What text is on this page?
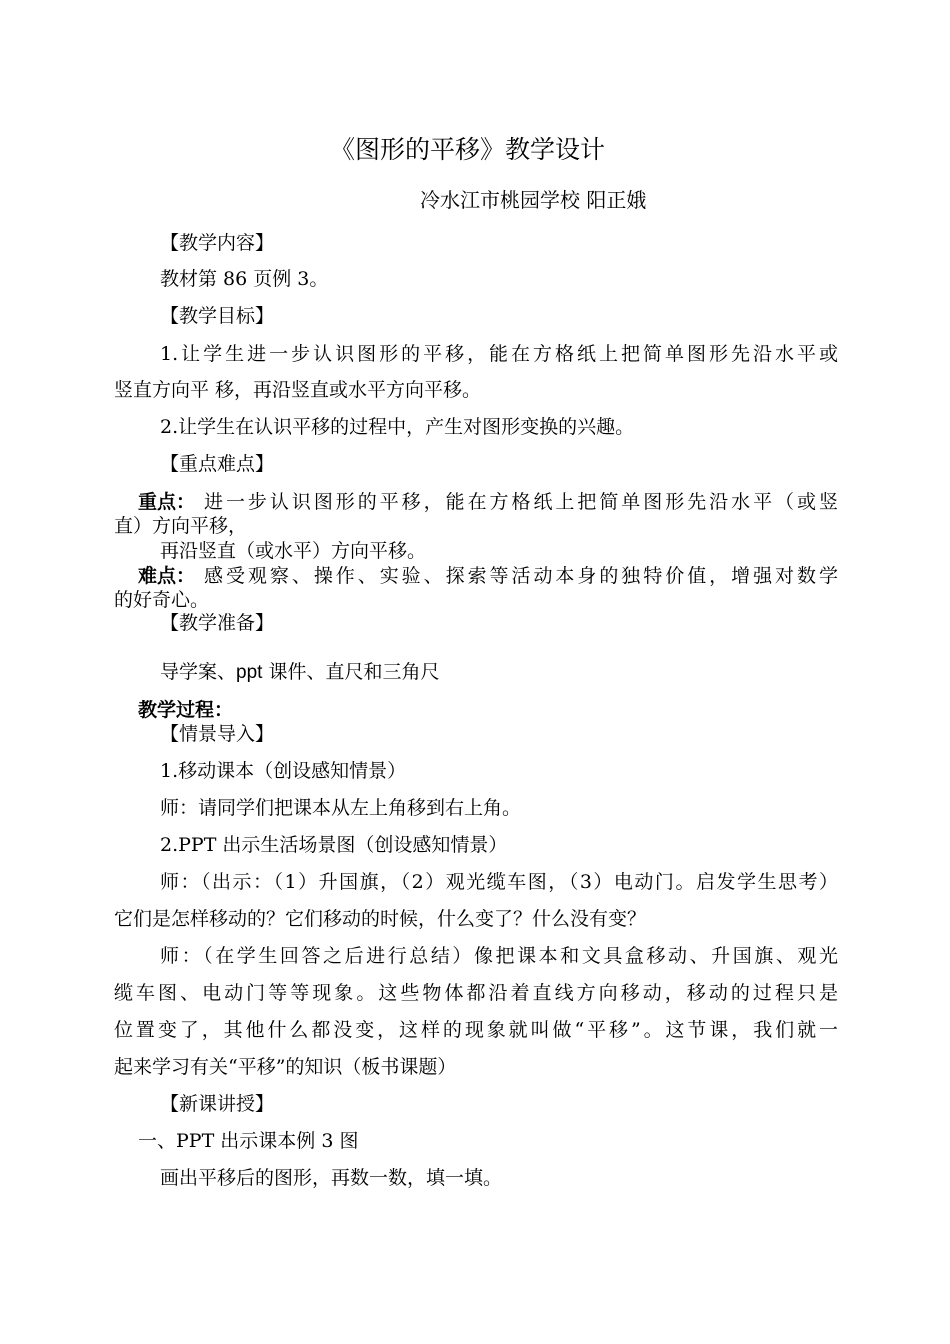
《图形的平移》教学设计
冷水江市桃园学校 阳正娥
【教学内容】
教材第 86 页例 3。
【教学目标】
1.让学生进一步认识图形的平移，能在方格纸上把简单图形先沿水平或
竖直方向平 移，再沿竖直或水平方向平移。
2.让学生在认识平移的过程中，产生对图形变换的兴趣。
【重点难点】
重点： 进一步认识图形的平移，能在方格纸上把简单图形先沿水平（或竖
直）方向平移，
再沿竖直（或水平）方向平移。
难点： 感受观察、操作、实验、探索等活动本身的独特价值，增强对数学
的好奇心。
【教学准备】
导学案、ppt 课件、直尺和三角尺
教学过程：
【情景导入】
1.移动课本（创设感知情景）
师：请同学们把课本从左上角移到右上角。
2.PPT 出示生活场景图（创设感知情景）
师：（出示：（1）升国旗，（2）观光缆车图，（3）电动门。启发学生思考）
它们是怎样移动的？它们移动的时候，什么变了？什么没有变？
师：（在学生回答之后进行总结）像把课本和文具盒移动、升国旗、观光
缆车图、电动门等等现象。这些物体都沿着直线方向移动，移动的过程只是
位置变了，其他什么都没变，这样的现象就叫做“平移”。这节课，我们就一
起来学习有关“平移”的知识（板书课题）
【新课讲授】
一、PPT 出示课本例 3 图
画出平移后的图形，再数一数，填一填。
